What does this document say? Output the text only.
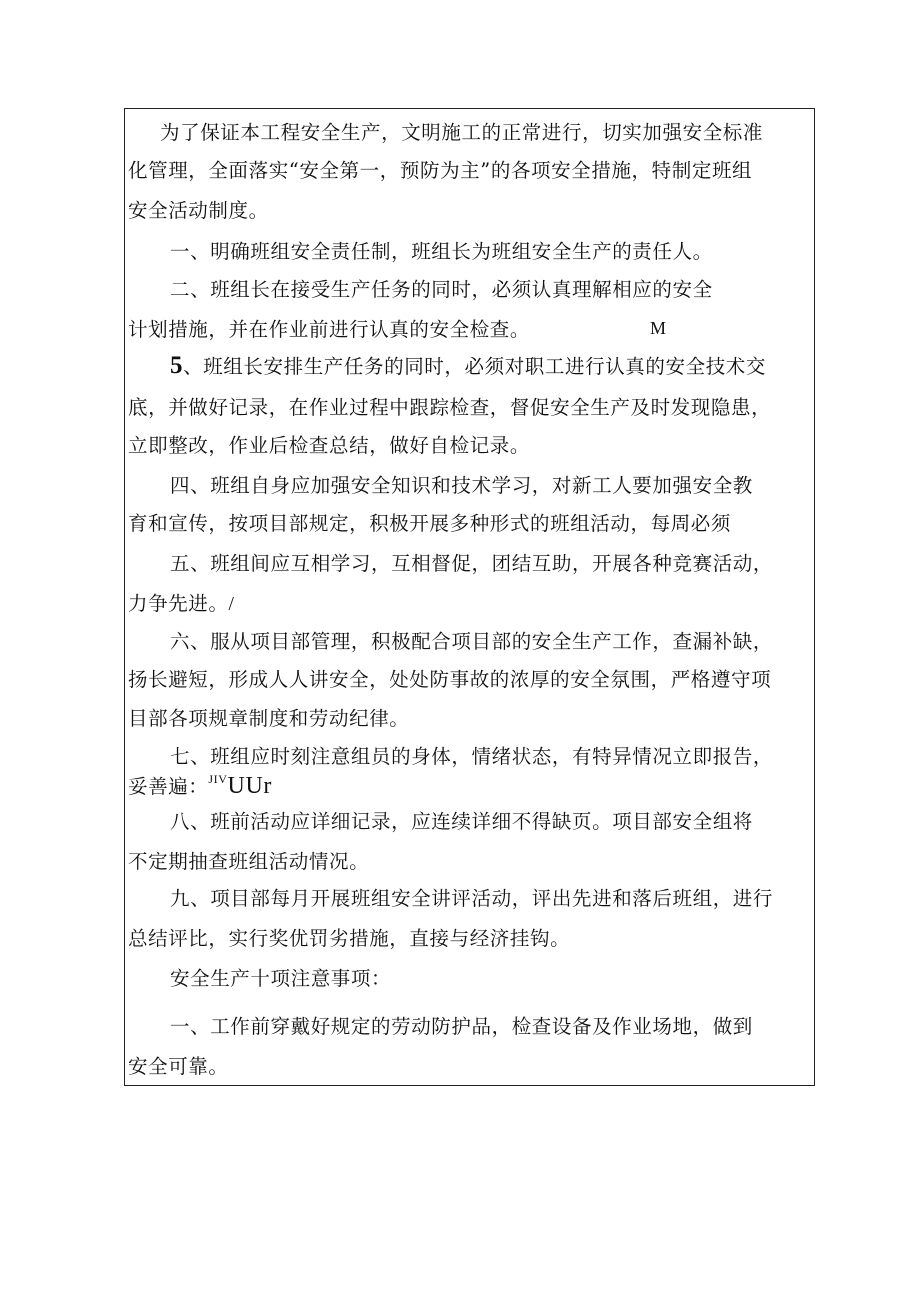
为了保证本工程安全生产，文明施工的正常进行，切实加强安全标准
化管理，全面落实“安全第一，预防为主”的各项安全措施，特制定班组
安全活动制度。
一、明确班组安全责任制，班组长为班组安全生产的责任人。
二、班组长在接受生产任务的同时，必须认真理解相应的安全
计划措施，并在作业前进行认真的安全检查。	M
5、班组长安排生产任务的同时，必须对职工进行认真的安全技术交
底，并做好记录，在作业过程中跟踪检查，督促安全生产及时发现隐患，
立即整改，作业后检查总结，做好自检记录。
四、班组自身应加强安全知识和技术学习，对新工人要加强安全教
育和宣传，按项目部规定，积极开展多种形式的班组活动，每周必须
五、班组间应互相学习，互相督促，团结互助，开展各种竞赛活动，
力争先进。/
六、服从项目部管理，积极配合项目部的安全生产工作，查漏补缺，
扬长避短，形成人人讲安全，处处防事故的浓厚的安全氛围，严格遵守项
目部各项规章制度和劳动纪律。
七、班组应时刻注意组员的身体，情绪状态，有特异情况立即报告，
妥善遍：$^{JIV}$UUr
八、班前活动应详细记录，应连续详细不得缺页。项目部安全组将
不定期抽查班组活动情况。
九、项目部每月开展班组安全讲评活动，评出先进和落后班组，进行
总结评比，实行奖优罚劣措施，直接与经济挂钩。
安全生产十项注意事项：
一、工作前穿戴好规定的劳动防护品，检查设备及作业场地，做到
安全可靠。
